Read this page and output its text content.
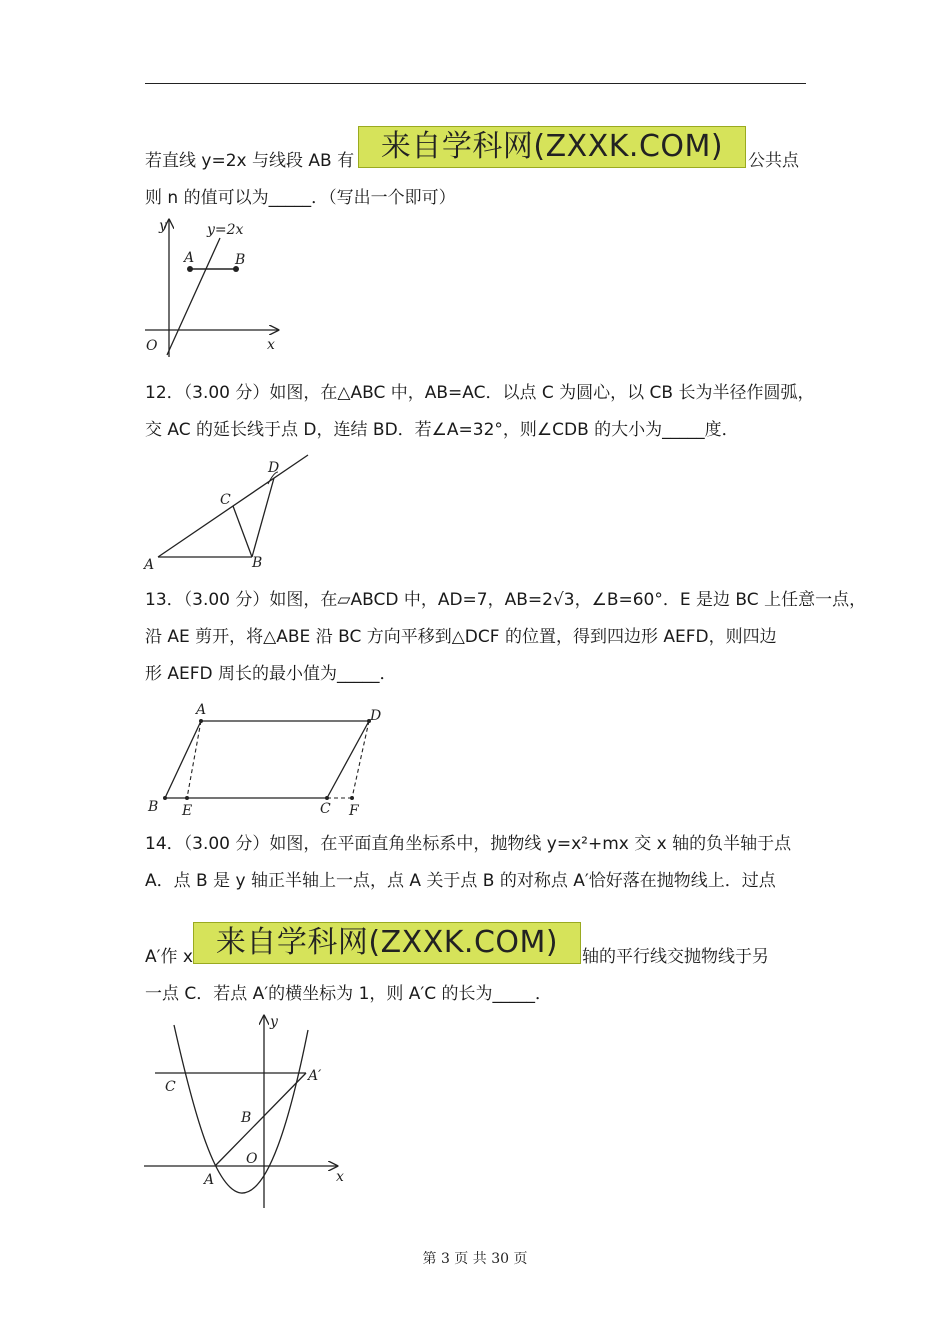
若直线 y=2x 与线段 AB 有 来自学科网(ZXXK.COM)	公共点
则 n 的值可以为_____．（写出一个即可）
y	y=2x
A	B
O	x
12．（3.00 分）如图，在△ABC 中，AB=AC．以点 C 为圆心，以 CB 长为半径作圆弧，
交 AC 的延长线于点 D，连结 BD．若∠A=32°，则∠CDB 的大小为_____度．
D
C
A	B
13．（3.00 分）如图，在▱ABCD 中，AD=7，AB=2√3，∠B=60°．E 是边 BC 上任意一点，
沿 AE 剪开，将△ABE 沿 BC 方向平移到△DCF 的位置，得到四边形 AEFD，则四边
形 AEFD 周长的最小值为_____．
A	D
B E	C F
14．（3.00 分）如图，在平面直角坐标系中，抛物线 y=x²+mx 交 x 轴的负半轴于点
A．点 B 是 y 轴正半轴上一点，点 A 关于点 B 的对称点 A′恰好落在抛物线上．过点
A′作 x 来自学科网(ZXXK.COM)	轴的平行线交抛物线于另
一点 C．若点 A′的横坐标为 1，则 A′C 的长为_____．
C
A′
B
O
A
y
x
第 3 页 共 30 页
